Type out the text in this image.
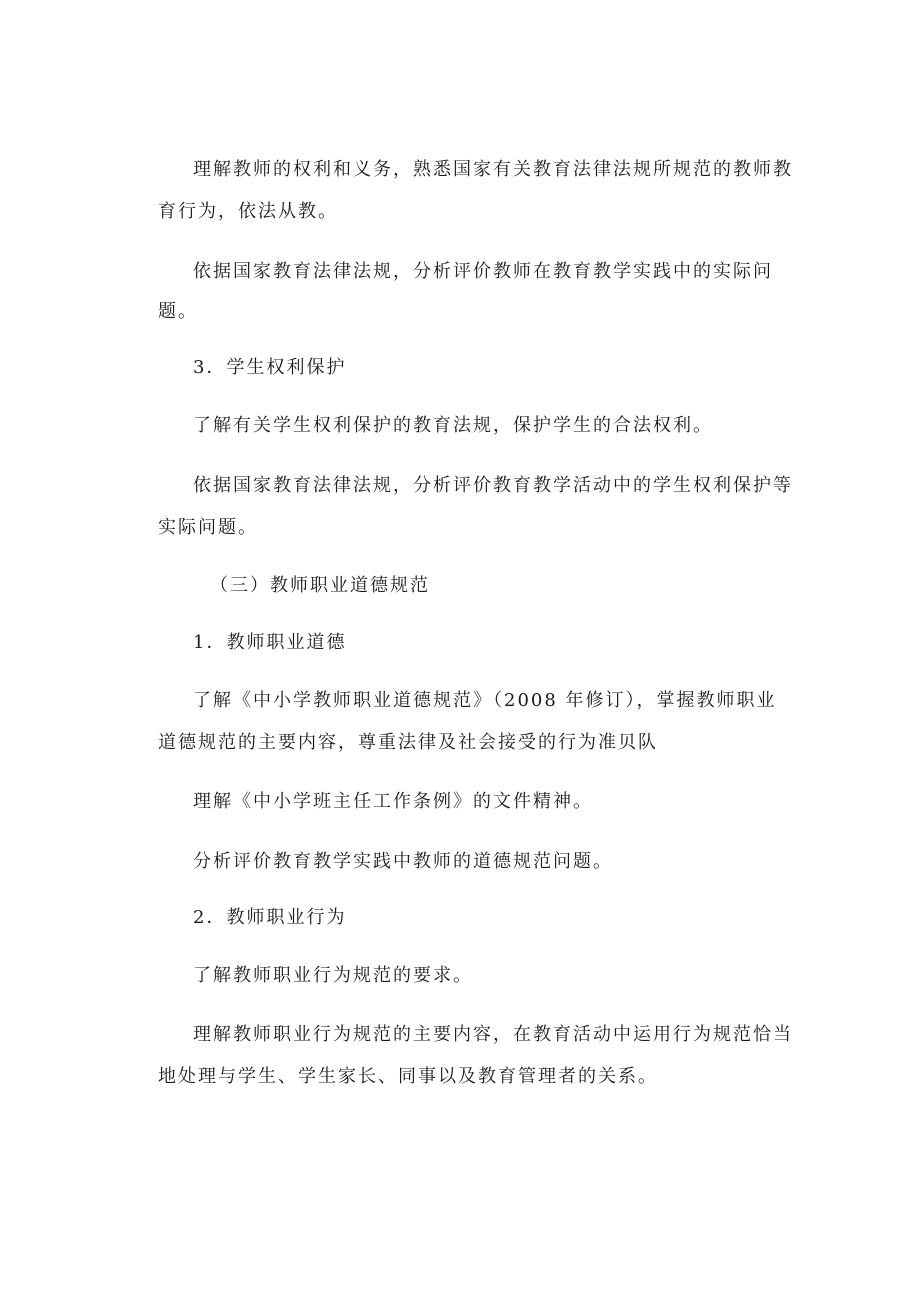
理解教师的权利和义务，熟悉国家有关教育法律法规所规范的教师教
育行为，依法从教。
依据国家教育法律法规，分析评价教师在教育教学实践中的实际问
题。
3．学生权利保护
了解有关学生权利保护的教育法规，保护学生的合法权利。
依据国家教育法律法规，分析评价教育教学活动中的学生权利保护等
实际问题。
（三）教师职业道德规范
1．教师职业道德
了解《中小学教师职业道德规范》（2008 年修订），掌握教师职业
道德规范的主要内容，尊重法律及社会接受的行为准贝队
理解《中小学班主任工作条例》的文件精神。
分析评价教育教学实践中教师的道德规范问题。
2．教师职业行为
了解教师职业行为规范的要求。
理解教师职业行为规范的主要内容，在教育活动中运用行为规范恰当
地处理与学生、学生家长、同事以及教育管理者的关系。
